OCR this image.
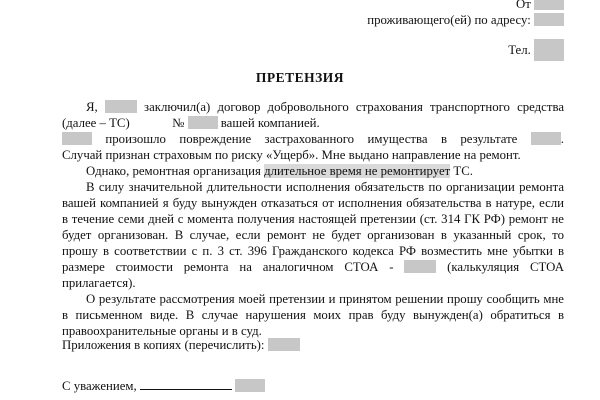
От
проживающего(ей) по адресу:
Тел.
ПРЕТЕНЗИЯ
Я,	заключил(а) договор добровольного страхования транспортного средства
(далее – ТС)	№	вашей компанией.
произошло повреждение застрахованного имущества в результате	.
Случай признан страховым по риску «Ущерб». Мне выдано направление на ремонт.
Однако, ремонтная организация длительное время не ремонтирует ТС.
В силу значительной длительности исполнения обязательств по организации ремонта
вашей компанией я буду вынужден отказаться от исполнения обязательства в натуре, если
в течение семи дней с момента получения настоящей претензии (ст. 314 ГК РФ) ремонт не
будет организован. В случае, если ремонт не будет организован в указанный срок, то
прошу в соответствии с п. 3 ст. 396 Гражданского кодекса РФ возместить мне убытки в
размере стоимости ремонта на аналогичном СТОА -	(калькуляция СТОА
прилагается).
О результате рассмотрения моей претензии и принятом решении прошу сообщить мне
в письменном виде. В случае нарушения моих прав буду вынужден(а) обратиться в
правоохранительные органы и в суд.
Приложения в копиях (перечислить):
С уважением,
